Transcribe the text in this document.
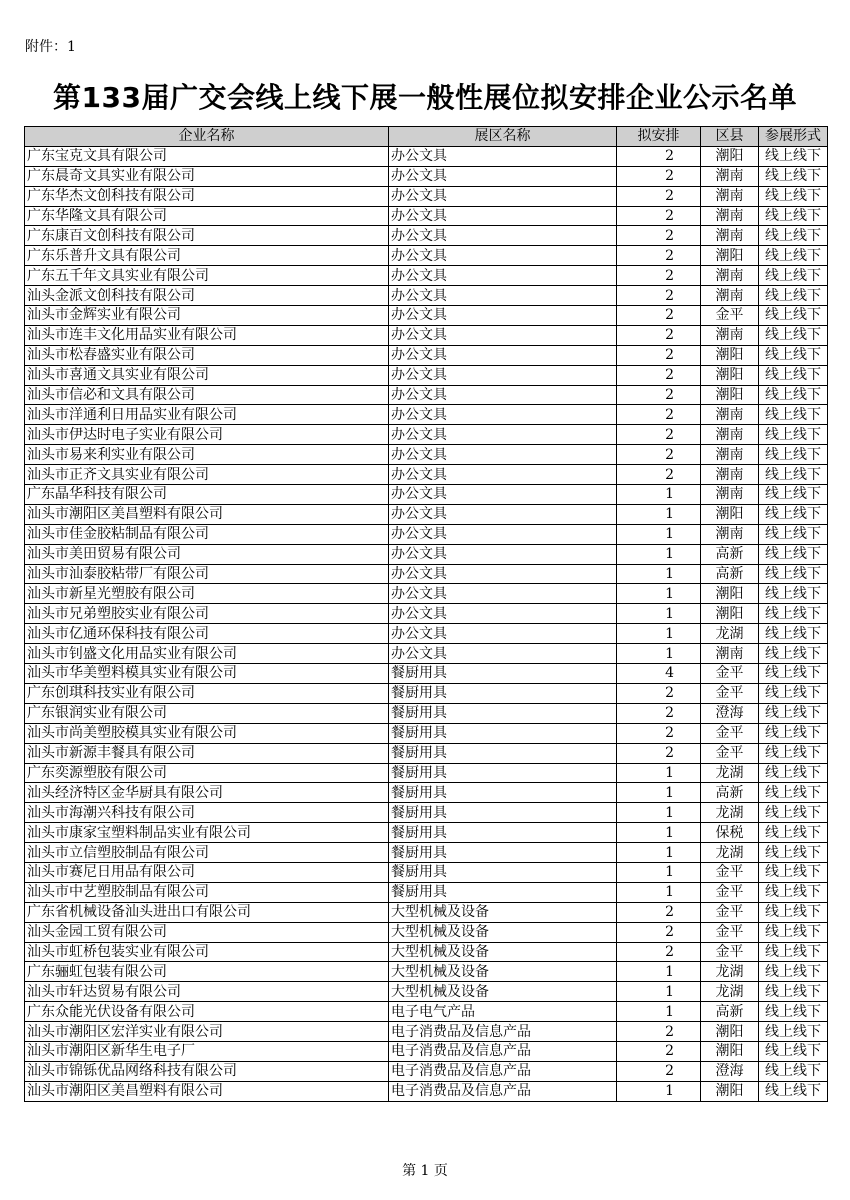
附件：1
第133届广交会线上线下展一般性展位拟安排企业公示名单
企业名称	展区名称	拟安排	区县	参展形式
广东宝克文具有限公司	办公文具	2	潮阳	线上线下
广东晨奇文具实业有限公司	办公文具	2	潮南	线上线下
广东华杰文创科技有限公司	办公文具	2	潮南	线上线下
广东华隆文具有限公司	办公文具	2	潮南	线上线下
广东康百文创科技有限公司	办公文具	2	潮南	线上线下
广东乐普升文具有限公司	办公文具	2	潮阳	线上线下
广东五千年文具实业有限公司	办公文具	2	潮南	线上线下
汕头金派文创科技有限公司	办公文具	2	潮南	线上线下
汕头市金辉实业有限公司	办公文具	2	金平	线上线下
汕头市连丰文化用品实业有限公司	办公文具	2	潮南	线上线下
汕头市松春盛实业有限公司	办公文具	2	潮阳	线上线下
汕头市喜通文具实业有限公司	办公文具	2	潮阳	线上线下
汕头市信必和文具有限公司	办公文具	2	潮阳	线上线下
汕头市洋通利日用品实业有限公司	办公文具	2	潮南	线上线下
汕头市伊达时电子实业有限公司	办公文具	2	潮南	线上线下
汕头市易来利实业有限公司	办公文具	2	潮南	线上线下
汕头市正齐文具实业有限公司	办公文具	2	潮南	线上线下
广东晶华科技有限公司	办公文具	1	潮南	线上线下
汕头市潮阳区美昌塑料有限公司	办公文具	1	潮阳	线上线下
汕头市佳金胶粘制品有限公司	办公文具	1	潮南	线上线下
汕头市美田贸易有限公司	办公文具	1	高新	线上线下
汕头市汕泰胶粘带厂有限公司	办公文具	1	高新	线上线下
汕头市新星光塑胶有限公司	办公文具	1	潮阳	线上线下
汕头市兄弟塑胶实业有限公司	办公文具	1	潮阳	线上线下
汕头市亿通环保科技有限公司	办公文具	1	龙湖	线上线下
汕头市钊盛文化用品实业有限公司	办公文具	1	潮南	线上线下
汕头市华美塑料模具实业有限公司	餐厨用具	4	金平	线上线下
广东创琪科技实业有限公司	餐厨用具	2	金平	线上线下
广东银润实业有限公司	餐厨用具	2	澄海	线上线下
汕头市尚美塑胶模具实业有限公司	餐厨用具	2	金平	线上线下
汕头市新源丰餐具有限公司	餐厨用具	2	金平	线上线下
广东奕源塑胶有限公司	餐厨用具	1	龙湖	线上线下
汕头经济特区金华厨具有限公司	餐厨用具	1	高新	线上线下
汕头市海潮兴科技有限公司	餐厨用具	1	龙湖	线上线下
汕头市康家宝塑料制品实业有限公司	餐厨用具	1	保税	线上线下
汕头市立信塑胶制品有限公司	餐厨用具	1	龙湖	线上线下
汕头市赛尼日用品有限公司	餐厨用具	1	金平	线上线下
汕头市中艺塑胶制品有限公司	餐厨用具	1	金平	线上线下
广东省机械设备汕头进出口有限公司	大型机械及设备	2	金平	线上线下
汕头金园工贸有限公司	大型机械及设备	2	金平	线上线下
汕头市虹桥包装实业有限公司	大型机械及设备	2	金平	线上线下
广东骊虹包装有限公司	大型机械及设备	1	龙湖	线上线下
汕头市轩达贸易有限公司	大型机械及设备	1	龙湖	线上线下
广东众能光伏设备有限公司	电子电气产品	1	高新	线上线下
汕头市潮阳区宏洋实业有限公司	电子消费品及信息产品	2	潮阳	线上线下
汕头市潮阳区新华生电子厂	电子消费品及信息产品	2	潮阳	线上线下
汕头市锦铄优品网络科技有限公司	电子消费品及信息产品	2	澄海	线上线下
汕头市潮阳区美昌塑料有限公司	电子消费品及信息产品	1	潮阳	线上线下
第 1 页
